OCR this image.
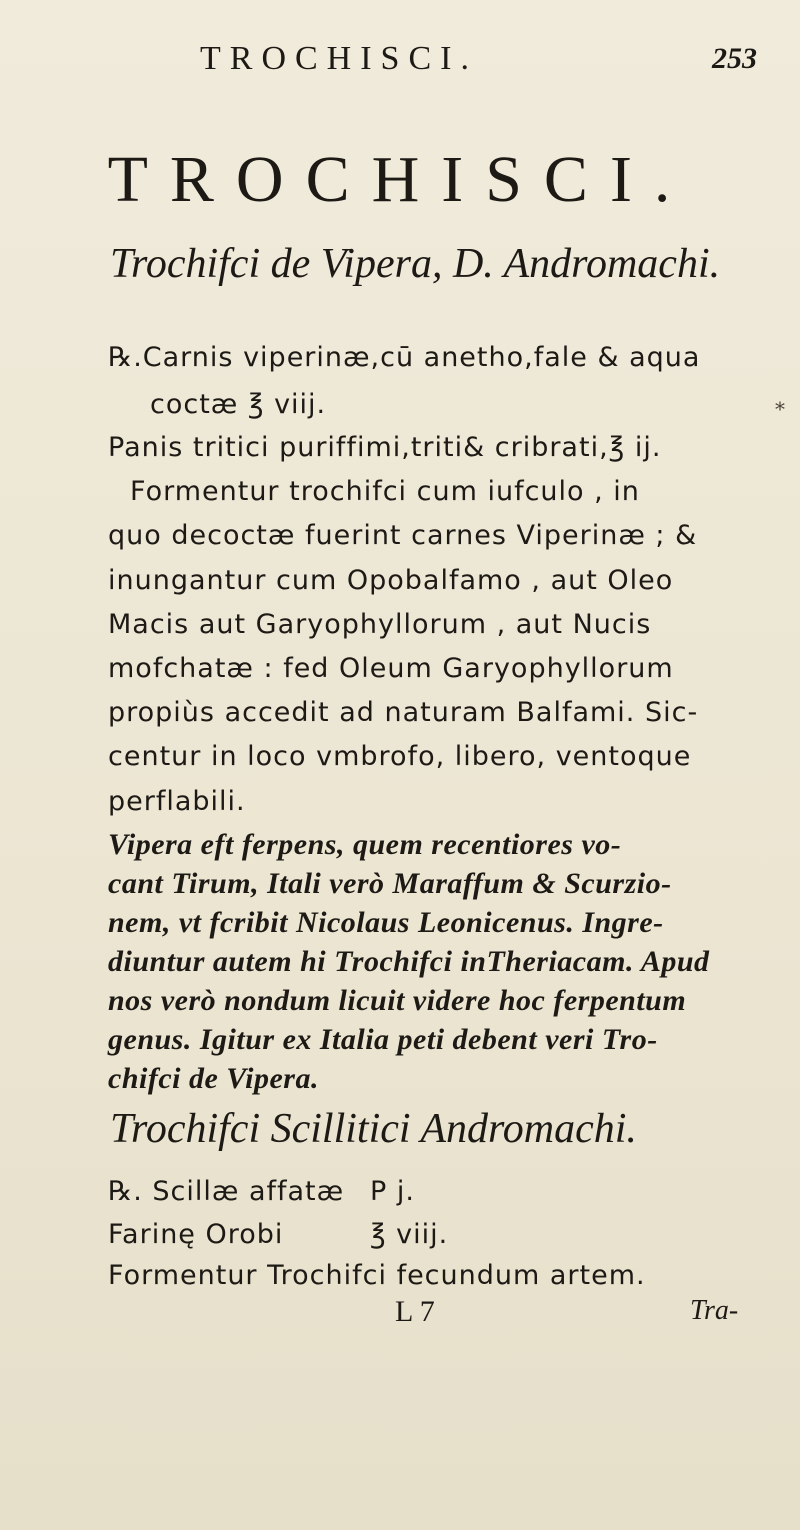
TROCHISCI.	253
TROCHISCI.
Trochifci de Vipera, D. Andromachi.
℞.Carnis viperinæ,cū anetho,fale & aqua
coctæ ℥ viij.
Panis tritici puriffimi,triti& cribrati,℥ ij.
Formentur trochifci cum iufculo , in
quo decoctæ fuerint carnes Viperinæ ; &
inungantur cum Opobalfamo , aut Oleo
Macis aut Garyophyllorum , aut Nucis
mofchatæ : fed Oleum Garyophyllorum
propiùs accedit ad naturam Balfami. Sic-
centur in loco vmbrofo, libero, ventoque
perflabili.
*
Vipera eft ferpens, quem recentiores vo-
cant Tirum, Itali verò Maraffum & Scurzio-
nem, vt fcribit Nicolaus Leonicenus. Ingre-
diuntur autem hi Trochifci inTheriacam. Apud
nos verò nondum licuit videre hoc ferpentum
genus. Igitur ex Italia peti debent veri Tro-
chifci de Vipera.
Trochifci Scillitici Andromachi.
℞. Scillæ affatæ P j.
Farinę Orobi	℥ viij.
Formentur Trochifci fecundum artem.
L 7	Tra-
